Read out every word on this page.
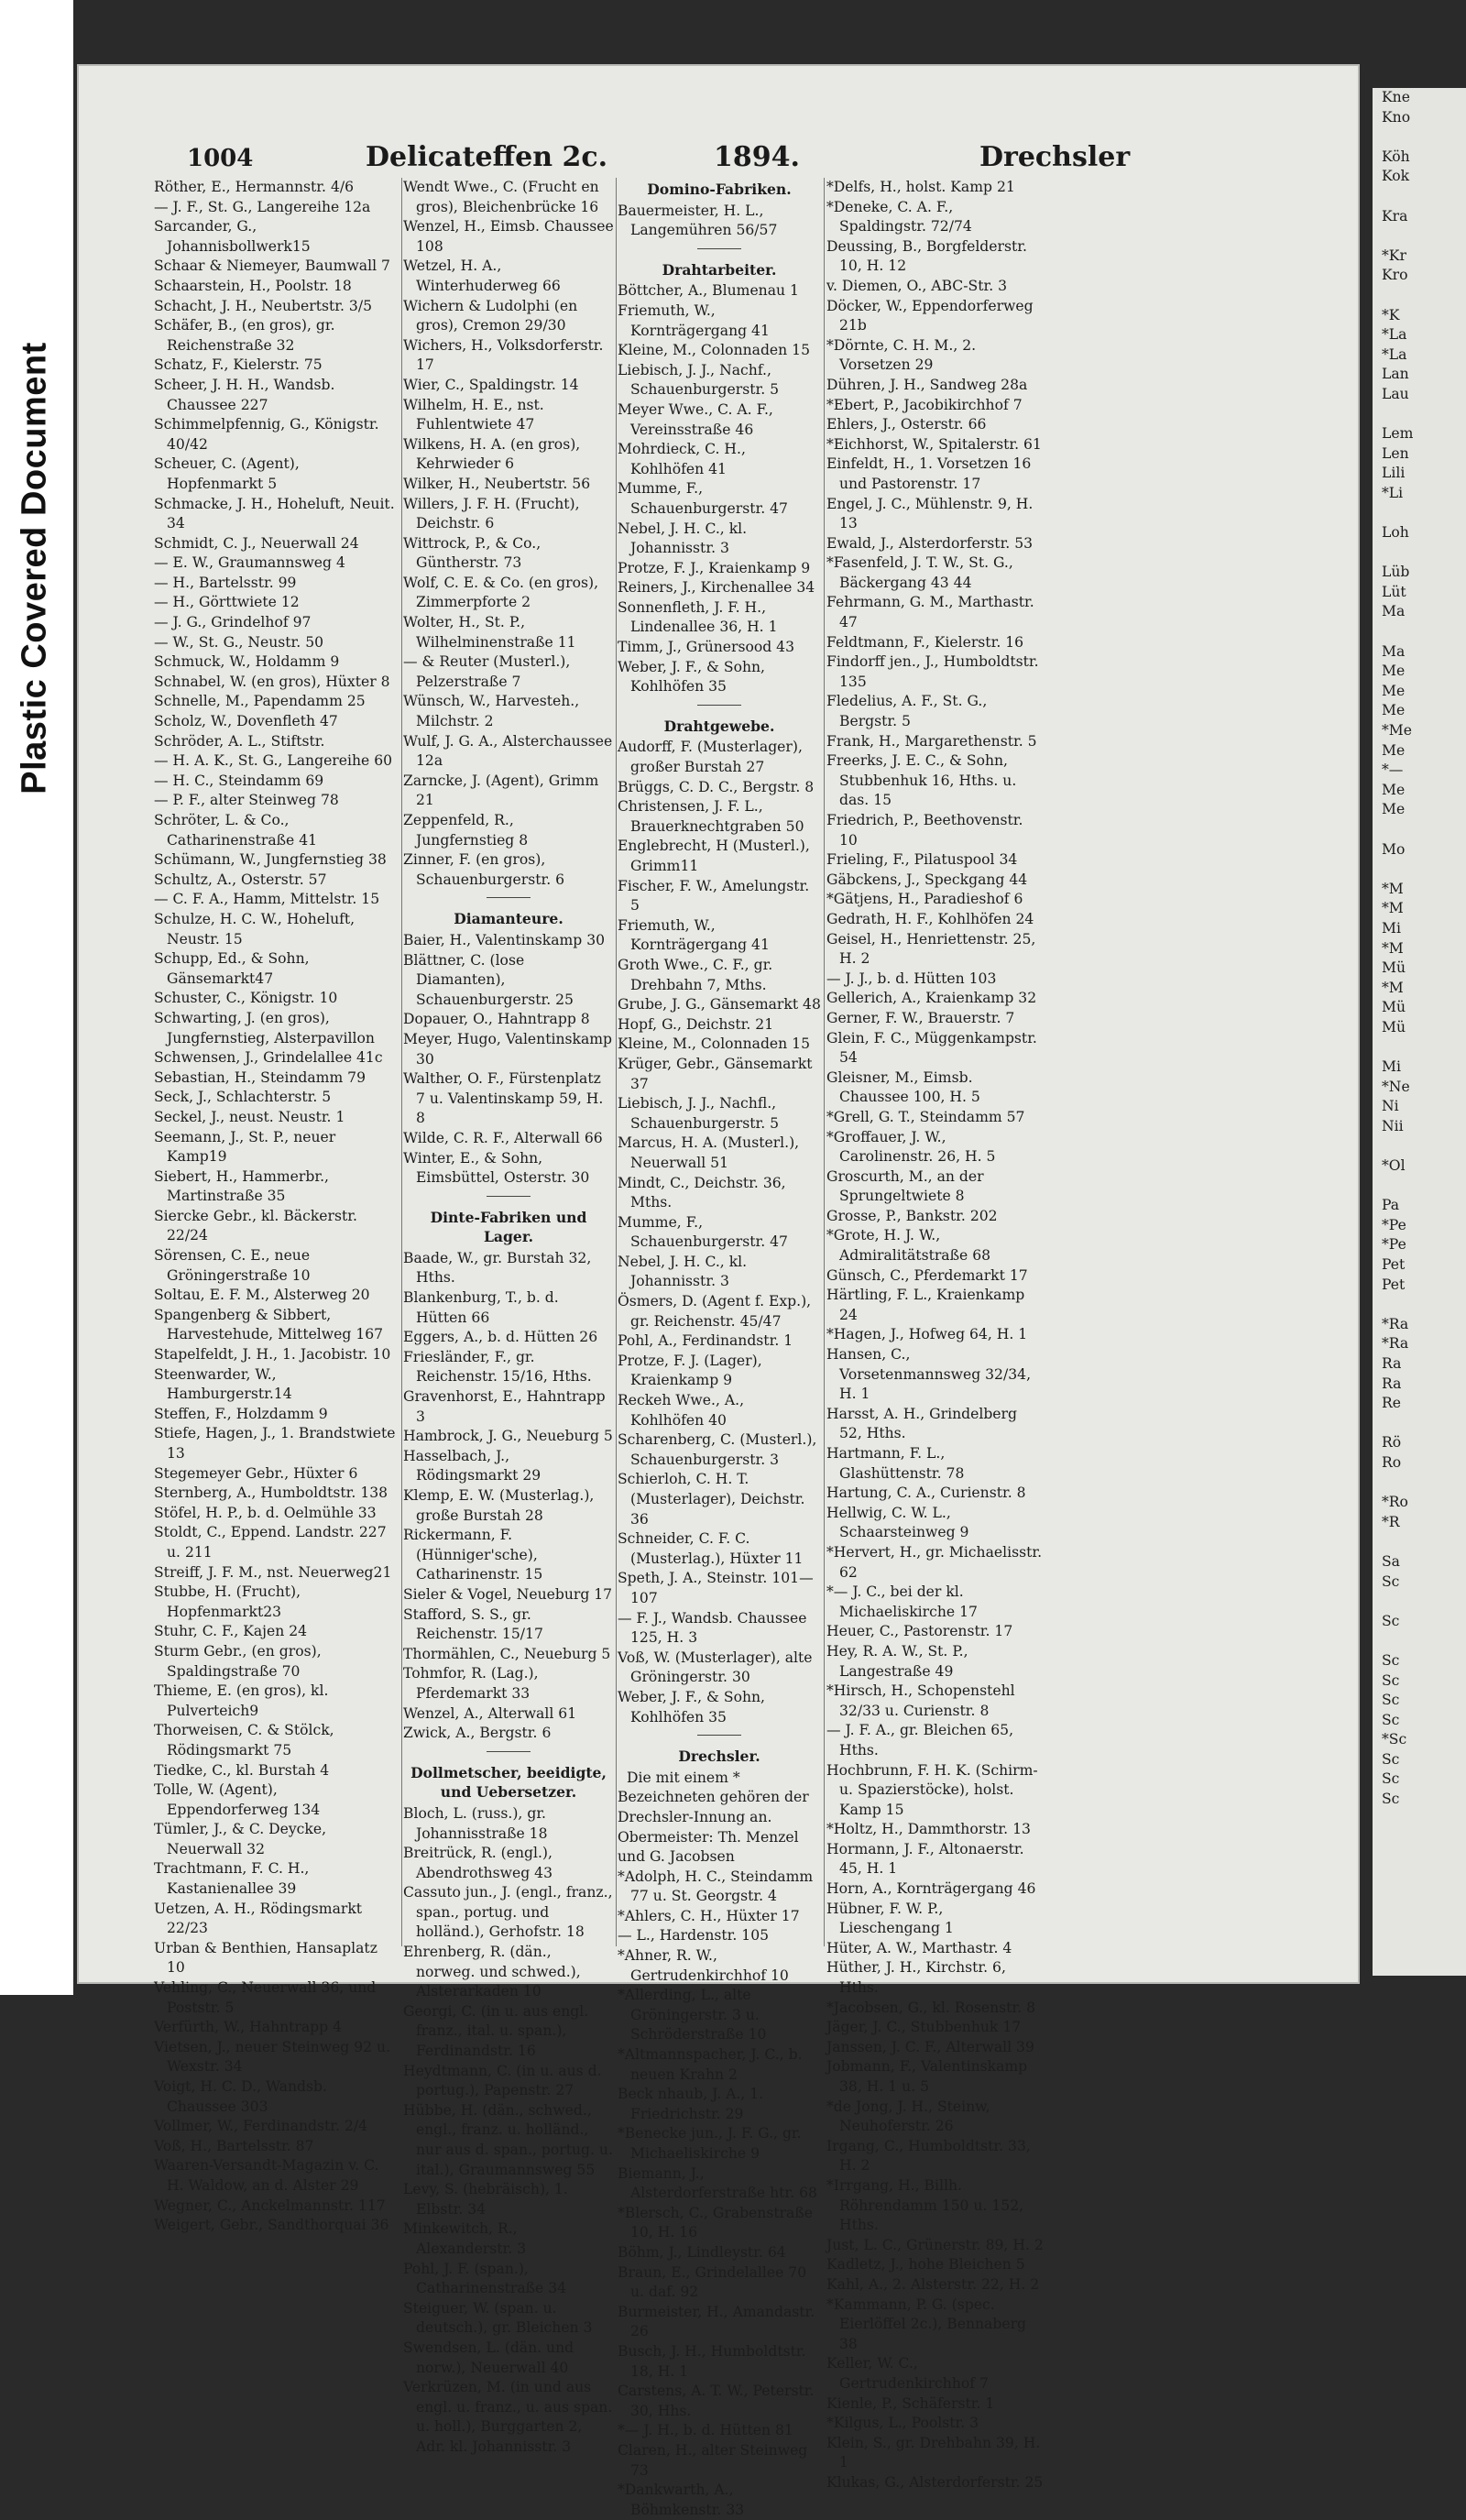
Plastic Covered Document
1004	Delicateffen 2c.	1894.	Drechsler
Röther, E., Hermannstr. 4/6
— J. F., St. G., Langereihe 12a
Sarcander, G., Johannisbollwerk15
Schaar & Niemeyer, Baumwall 7
Schaarstein, H., Poolstr. 18
Schacht, J. H., Neubertstr. 3/5
Schäfer, B., (en gros), gr. Reichenstraße 32
Schatz, F., Kielerstr. 75
Scheer, J. H. H., Wandsb. Chaussee 227
Schimmelpfennig, G., Königstr. 40/42
Scheuer, C. (Agent), Hopfenmarkt 5
Schmacke, J. H., Hoheluft, Neuit. 34
Schmidt, C. J., Neuerwall 24
— E. W., Graumannsweg 4
— H., Bartelsstr. 99
— H., Görttwiete 12
— J. G., Grindelhof 97
— W., St. G., Neustr. 50
Schmuck, W., Holdamm 9
Schnabel, W. (en gros), Hüxter 8
Schnelle, M., Papendamm 25
Scholz, W., Dovenfleth 47
Schröder, A. L., Stiftstr.
— H. A. K., St. G., Langereihe 60
— H. C., Steindamm 69
— P. F., alter Steinweg 78
Schröter, L. & Co., Catharinenstraße 41
Schümann, W., Jungfernstieg 38
Schultz, A., Osterstr. 57
— C. F. A., Hamm, Mittelstr. 15
Schulze, H. C. W., Hoheluft, Neustr. 15
Schupp, Ed., & Sohn, Gänsemarkt47
Schuster, C., Königstr. 10
Schwarting, J. (en gros), Jungfernstieg, Alsterpavillon
Schwensen, J., Grindelallee 41c
Sebastian, H., Steindamm 79
Seck, J., Schlachterstr. 5
Seckel, J., neust. Neustr. 1
Seemann, J., St. P., neuer Kamp19
Siebert, H., Hammerbr., Martinstraße 35
Siercke Gebr., kl. Bäckerstr. 22/24
Sörensen, C. E., neue Gröningerstraße 10
Soltau, E. F. M., Alsterweg 20
Spangenberg & Sibbert, Harvestehude, Mittelweg 167
Stapelfeldt, J. H., 1. Jacobistr. 10
Steenwarder, W., Hamburgerstr.14
Steffen, F., Holzdamm 9
Stiefe, Hagen, J., 1. Brandstwiete 13
Stegemeyer Gebr., Hüxter 6
Sternberg, A., Humboldtstr. 138
Stöfel, H. P., b. d. Oelmühle 33
Stoldt, C., Eppend. Landstr. 227 u. 211
Streiff, J. F. M., nst. Neuerweg21
Stubbe, H. (Frucht), Hopfenmarkt23
Stuhr, C. F., Kajen 24
Sturm Gebr., (en gros), Spaldingstraße 70
Thieme, E. (en gros), kl. Pulverteich9
Thorweisen, C. & Stölck, Rödingsmarkt 75
Tiedke, C., kl. Burstah 4
Tolle, W. (Agent), Eppendorferweg 134
Tümler, J., & C. Deycke, Neuerwall 32
Trachtmann, F. C. H., Kastanienallee 39
Uetzen, A. H., Rödingsmarkt 22/23
Urban & Benthien, Hansaplatz 10
Vehling, C., Neuerwall 36, und Poststr. 5
Verfürth, W., Hahntrapp 4
Vietsen, J., neuer Steinweg 92 u. Wexstr. 34
Voigt, H. C. D., Wandsb. Chaussee 303
Vollmer, W., Ferdinandstr. 2/4
Voß, H., Bartelsstr. 87
Waaren-Versandt-Magazin v. C. H. Waldow, an d. Alster 29
Wegner, C., Anckelmannstr. 117
Weigert, Gebr., Sandthorquai 36
Wendt Wwe., C. (Frucht en gros), Bleichenbrücke 16
Wenzel, H., Eimsb. Chaussee 108
Wetzel, H. A., Winterhuderweg 66
Wichern & Ludolphi (en gros), Cremon 29/30
Wichers, H., Volksdorferstr. 17
Wier, C., Spaldingstr. 14
Wilhelm, H. E., nst. Fuhlentwiete 47
Wilkens, H. A. (en gros), Kehrwieder 6
Wilker, H., Neubertstr. 56
Willers, J. F. H. (Frucht), Deichstr. 6
Wittrock, P., & Co., Güntherstr. 73
Wolf, C. E. & Co. (en gros), Zimmerpforte 2
Wolter, H., St. P., Wilhelminenstraße 11
— & Reuter (Musterl.), Pelzerstraße 7
Wünsch, W., Harvesteh., Milchstr. 2
Wulf, J. G. A., Alsterchaussee 12a
Zarncke, J. (Agent), Grimm 21
Zeppenfeld, R., Jungfernstieg 8
Zinner, F. (en gros), Schauenburgerstr. 6
Diamanteure.
Baier, H., Valentinskamp 30
Blättner, C. (lose Diamanten), Schauenburgerstr. 25
Dopauer, O., Hahntrapp 8
Meyer, Hugo, Valentinskamp 30
Walther, O. F., Fürstenplatz 7 u. Valentinskamp 59, H. 8
Wilde, C. R. F., Alterwall 66
Winter, E., & Sohn, Eimsbüttel, Osterstr. 30
Dinte-Fabriken und Lager.
Baade, W., gr. Burstah 32, Hths.
Blankenburg, T., b. d. Hütten 66
Eggers, A., b. d. Hütten 26
Friesländer, F., gr. Reichenstr. 15/16, Hths.
Gravenhorst, E., Hahntrapp 3
Hambrock, J. G., Neueburg 5
Hasselbach, J., Rödingsmarkt 29
Klemp, E. W. (Musterlag.), große Burstah 28
Rickermann, F. (Hünniger'sche), Catharinenstr. 15
Sieler & Vogel, Neueburg 17
Stafford, S. S., gr. Reichenstr. 15/17
Thormählen, C., Neueburg 5
Tohmfor, R. (Lag.), Pferdemarkt 33
Wenzel, A., Alterwall 61
Zwick, A., Bergstr. 6
Dollmetscher, beeidigte, und Uebersetzer.
Bloch, L. (russ.), gr. Johannisstraße 18
Breitrück, R. (engl.), Abendrothsweg 43
Cassuto jun., J. (engl., franz., span., portug. und holländ.), Gerhofstr. 18
Ehrenberg, R. (dän., norweg. und schwed.), Alsterarkaden 10
Georgi, C. (in u. aus engl. franz., ital. u. span.), Ferdinandstr. 16
Heydtmann, C. (in u. aus d. portug.), Papenstr. 27
Hübbe, H. (dän., schwed., engl., franz. u. holländ., nur aus d. span., portug. u. ital.), Graumannsweg 55
Levy, S. (hebräisch), 1. Elbstr. 34
Minkewitch, R., Alexanderstr. 3
Pohl, J. F. (span.), Catharinenstraße 34
Steiguer, W. (span. u. deutsch.), gr. Bleichen 3
Swendsen, L. (dän. und norw.), Neuerwall 40
Verkrüzen, M. (in und aus engl. u. franz., u. aus span. u. holl.), Burggarten 2, Adr. kl. Johannisstr. 3
Domino-Fabriken.
Bauermeister, H. L., Langemühren 56/57
Drahtarbeiter.
Böttcher, A., Blumenau 1
Friemuth, W., Kornträgergang 41
Kleine, M., Colonnaden 15
Liebisch, J. J., Nachf., Schauenburgerstr. 5
Meyer Wwe., C. A. F., Vereinsstraße 46
Mohrdieck, C. H., Kohlhöfen 41
Mumme, F., Schauenburgerstr. 47
Nebel, J. H. C., kl. Johannisstr. 3
Protze, F. J., Kraienkamp 9
Reiners, J., Kirchenallee 34
Sonnenfleth, J. F. H., Lindenallee 36, H. 1
Timm, J., Grünersood 43
Weber, J. F., & Sohn, Kohlhöfen 35
Drahtgewebe.
Audorff, F. (Musterlager), großer Burstah 27
Brüggs, C. D. C., Bergstr. 8
Christensen, J. F. L., Brauerknechtgraben 50
Englebrecht, H (Musterl.), Grimm11
Fischer, F. W., Amelungstr. 5
Friemuth, W., Kornträgergang 41
Groth Wwe., C. F., gr. Drehbahn 7, Mths.
Grube, J. G., Gänsemarkt 48
Hopf, G., Deichstr. 21
Kleine, M., Colonnaden 15
Krüger, Gebr., Gänsemarkt 37
Liebisch, J. J., Nachfl., Schauenburgerstr. 5
Marcus, H. A. (Musterl.), Neuerwall 51
Mindt, C., Deichstr. 36, Mths.
Mumme, F., Schauenburgerstr. 47
Nebel, J. H. C., kl. Johannisstr. 3
Ösmers, D. (Agent f. Exp.), gr. Reichenstr. 45/47
Pohl, A., Ferdinandstr. 1
Protze, F. J. (Lager), Kraienkamp 9
Reckeh Wwe., A., Kohlhöfen 40
Scharenberg, C. (Musterl.), Schauenburgerstr. 3
Schierloh, C. H. T. (Musterlager), Deichstr. 36
Schneider, C. F. C. (Musterlag.), Hüxter 11
Speth, J. A., Steinstr. 101—107
— F. J., Wandsb. Chaussee 125, H. 3
Voß, W. (Musterlager), alte Gröningerstr. 30
Weber, J. F., & Sohn, Kohlhöfen 35
Drechsler.
Die mit einem * Bezeichneten gehören der Drechsler-Innung an. Obermeister: Th. Menzel und G. Jacobsen
*Adolph, H. C., Steindamm 77 u. St. Georgstr. 4
*Ahlers, C. H., Hüxter 17
— L., Hardenstr. 105
*Ahner, R. W., Gertrudenkirchhof 10
*Allerding, L., alte Gröningerstr. 3 u. Schröderstraße 10
*Altmannspacher, J. C., b. neuen Krahn 2
Beck nhaub, J. A., 1. Friedrichstr. 29
*Benecke jun., J. F. G., gr. Michaeliskirche 9
Biemann, J., Alsterdorferstraße htr. 68
*Blersch, C., Grabenstraße 10, H. 16
Böhm, J., Lindleystr. 64
Braun, E., Grindelallee 70 u. daf. 92
Burmeister, H., Amandastr. 26
Busch, J. H., Humboldtstr. 18, H. 1
Carstens, A. T. W., Peterstr. 30, Hhs.
*— J. H., b. d. Hütten 81
Claren, H., alter Steinweg 73
*Dankwarth, A., Böhmkenstr. 33
*Delfs, H., holst. Kamp 21
*Deneke, C. A. F., Spaldingstr. 72/74
Deussing, B., Borgfelderstr. 10, H. 12
v. Diemen, O., ABC-Str. 3
Döcker, W., Eppendorferweg 21b
*Dörnte, C. H. M., 2. Vorsetzen 29
Dühren, J. H., Sandweg 28a
*Ebert, P., Jacobikirchhof 7
Ehlers, J., Osterstr. 66
*Eichhorst, W., Spitalerstr. 61
Einfeldt, H., 1. Vorsetzen 16 und Pastorenstr. 17
Engel, J. C., Mühlenstr. 9, H. 13
Ewald, J., Alsterdorferstr. 53
*Fasenfeld, J. T. W., St. G., Bäckergang 43 44
Fehrmann, G. M., Marthastr. 47
Feldtmann, F., Kielerstr. 16
Findorff jen., J., Humboldtstr. 135
Fledelius, A. F., St. G., Bergstr. 5
Frank, H., Margarethenstr. 5
Freerks, J. E. C., & Sohn, Stubbenhuk 16, Hths. u. das. 15
Friedrich, P., Beethovenstr. 10
Frieling, F., Pilatuspool 34
Gäbckens, J., Speckgang 44
*Gätjens, H., Paradieshof 6
Gedrath, H. F., Kohlhöfen 24
Geisel, H., Henriettenstr. 25, H. 2
— J. J., b. d. Hütten 103
Gellerich, A., Kraienkamp 32
Gerner, F. W., Brauerstr. 7
Glein, F. C., Müggenkampstr. 54
Gleisner, M., Eimsb. Chaussee 100, H. 5
*Grell, G. T., Steindamm 57
*Groffauer, J. W., Carolinenstr. 26, H. 5
Groscurth, M., an der Sprungeltwiete 8
Grosse, P., Bankstr. 202
*Grote, H. J. W., Admiralitätstraße 68
Günsch, C., Pferdemarkt 17
Härtling, F. L., Kraienkamp 24
*Hagen, J., Hofweg 64, H. 1
Hansen, C., Vorsetenmannsweg 32/34, H. 1
Harsst, A. H., Grindelberg 52, Hths.
Hartmann, F. L., Glashüttenstr. 78
Hartung, C. A., Curienstr. 8
Hellwig, C. W. L., Schaarsteinweg 9
*Hervert, H., gr. Michaelisstr. 62
*— J. C., bei der kl. Michaeliskirche 17
Heuer, C., Pastorenstr. 17
Hey, R. A. W., St. P., Langestraße 49
*Hirsch, H., Schopenstehl 32/33 u. Curienstr. 8
— J. F. A., gr. Bleichen 65, Hths.
Hochbrunn, F. H. K. (Schirm- u. Spazierstöcke), holst. Kamp 15
*Holtz, H., Dammthorstr. 13
Hormann, J. F., Altonaerstr. 45, H. 1
Horn, A., Kornträgergang 46
Hübner, F. W. P., Lieschengang 1
Hüter, A. W., Marthastr. 4
Hüther, J. H., Kirchstr. 6, Hths.
*Jacobsen, G., kl. Rosenstr. 8
Jäger, J. C., Stubbenhuk 17
Janssen, J. C. F., Alterwall 39
Jobmann, F., Valentinskamp 38, H. 1 u. 5
*de Jong, J. H., Steinw, Neuhoferstr. 26
Irgang, C., Humboldtstr. 33, H. 2
*Irrgang, H., Billh. Röhrendamm 150 u. 152, Hths.
Just, L. C., Grünerstr. 89, H. 2
Kadletz, J., hohe Bleichen 5
Kahl, A., 2. Alsterstr. 22, H. 2
*Kammann, P. G. (spec. Eierlöffel 2c.), Bennaberg 38
Keller, W. C., Gertrudenkirchhof 7
Kienle, P., Schäferstr. 1
*Kilgus, L., Poolstr. 3
Klein, S., gr. Drehbahn 39, H. 1
Klukas, G., Alsterdorferstr. 25
Kne
Kno

Köh
Kok

Kra

*Kr
Kro

*K
*La
*La
Lan
Lau

Lem
Len
Lili
*Li

Loh

Lüb
Lüt
Ma

Ma
Me
Me
Me
*Me
Me
*—
Me
Me

Mo

*M
*M
Mi
*M
Mü
*M
Mü
Mü

Mi
*Ne
Ni
Nii

*Ol

Pa
*Pe
*Pe
Pet
Pet

*Ra
*Ra
Ra
Ra
Re

Rö
Ro

*Ro
*R

Sa
Sc

Sc

Sc
Sc
Sc
Sc
*Sc
Sc
Sc
Sc
